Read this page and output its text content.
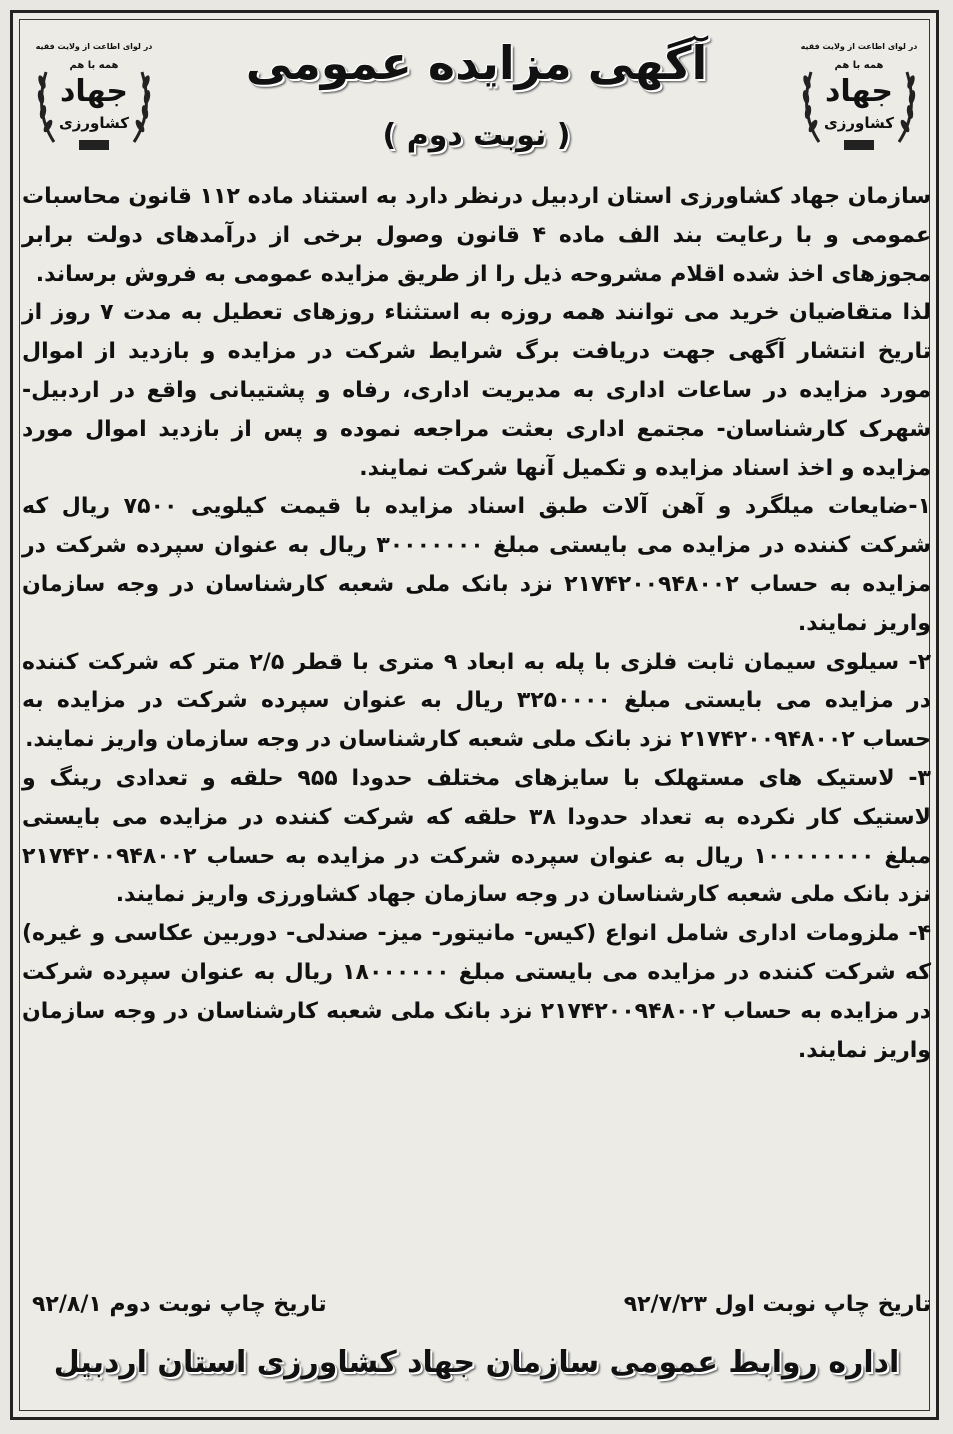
در لوای اطاعت از ولایت فقیه
همه با هم
جهاد
کشاورزی
در لوای اطاعت از ولایت فقیه
همه با هم
جهاد
کشاورزی
آگهی مزایده عمومی
( نوبت دوم )

سازمان جهاد کشاورزی استان اردبیل درنظر دارد به استناد ماده ۱۱۲ قانون محاسبات عمومی و با رعایت بند الف ماده ۴ قانون وصول برخی از درآمدهای دولت برابر مجوزهای اخذ شده اقلام مشروحه ذیل را از طریق مزایده عمومی به فروش برساند.

لذا متقاضیان خرید می توانند همه روزه به استثناء روزهای تعطیل به مدت ۷ روز از تاریخ انتشار آگهی جهت دریافت برگ شرایط شرکت در مزایده و بازدید از اموال مورد مزایده در ساعات اداری به مدیریت اداری، رفاه و پشتیبانی واقع در اردبیل- شهرک کارشناسان- مجتمع اداری بعثت مراجعه نموده و پس از بازدید اموال مورد مزایده و اخذ اسناد مزایده و تکمیل آنها شرکت نمایند.

۱-ضایعات میلگرد و آهن آلات طبق اسناد مزایده با قیمت کیلویی ۷۵۰۰ ریال که شرکت کننده در مزایده می بایستی مبلغ ۳۰۰۰۰۰۰۰ ریال به عنوان سپرده شرکت در مزایده به حساب ۲۱۷۴۲۰۰۹۴۸۰۰۲ نزد بانک ملی شعبه کارشناسان در وجه سازمان واریز نمایند.

۲- سیلوی سیمان ثابت فلزی با پله به ابعاد ۹ متری با قطر ۲/۵ متر که شرکت کننده در مزایده می بایستی مبلغ ۳۲۵۰۰۰۰ ریال به عنوان سپرده شرکت در مزایده به حساب ۲۱۷۴۲۰۰۹۴۸۰۰۲ نزد بانک ملی شعبه کارشناسان در وجه سازمان واریز نمایند.

۳- لاستیک های مستهلک با سایزهای مختلف حدودا ۹۵۵ حلقه و تعدادی رینگ و لاستیک کار نکرده به تعداد حدودا ۳۸ حلقه که شرکت کننده در مزایده می بایستی مبلغ ۱۰۰۰۰۰۰۰۰ ریال به عنوان سپرده شرکت در مزایده به حساب ۲۱۷۴۲۰۰۹۴۸۰۰۲ نزد بانک ملی شعبه کارشناسان در وجه سازمان جهاد کشاورزی واریز نمایند.

۴- ملزومات اداری شامل انواع (کیس- مانیتور- میز- صندلی- دوربین عکاسی و غیره) که شرکت کننده در مزایده می بایستی مبلغ ۱۸۰۰۰۰۰۰ ریال به عنوان سپرده شرکت در مزایده به حساب ۲۱۷۴۲۰۰۹۴۸۰۰۲ نزد بانک ملی شعبه کارشناسان در وجه سازمان واریز نمایند.

تاریخ چاپ نوبت اول ۹۲/۷/۲۳
تاریخ چاپ نوبت دوم ۹۲/۸/۱
اداره روابط عمومی سازمان جهاد کشاورزی استان اردبیل
